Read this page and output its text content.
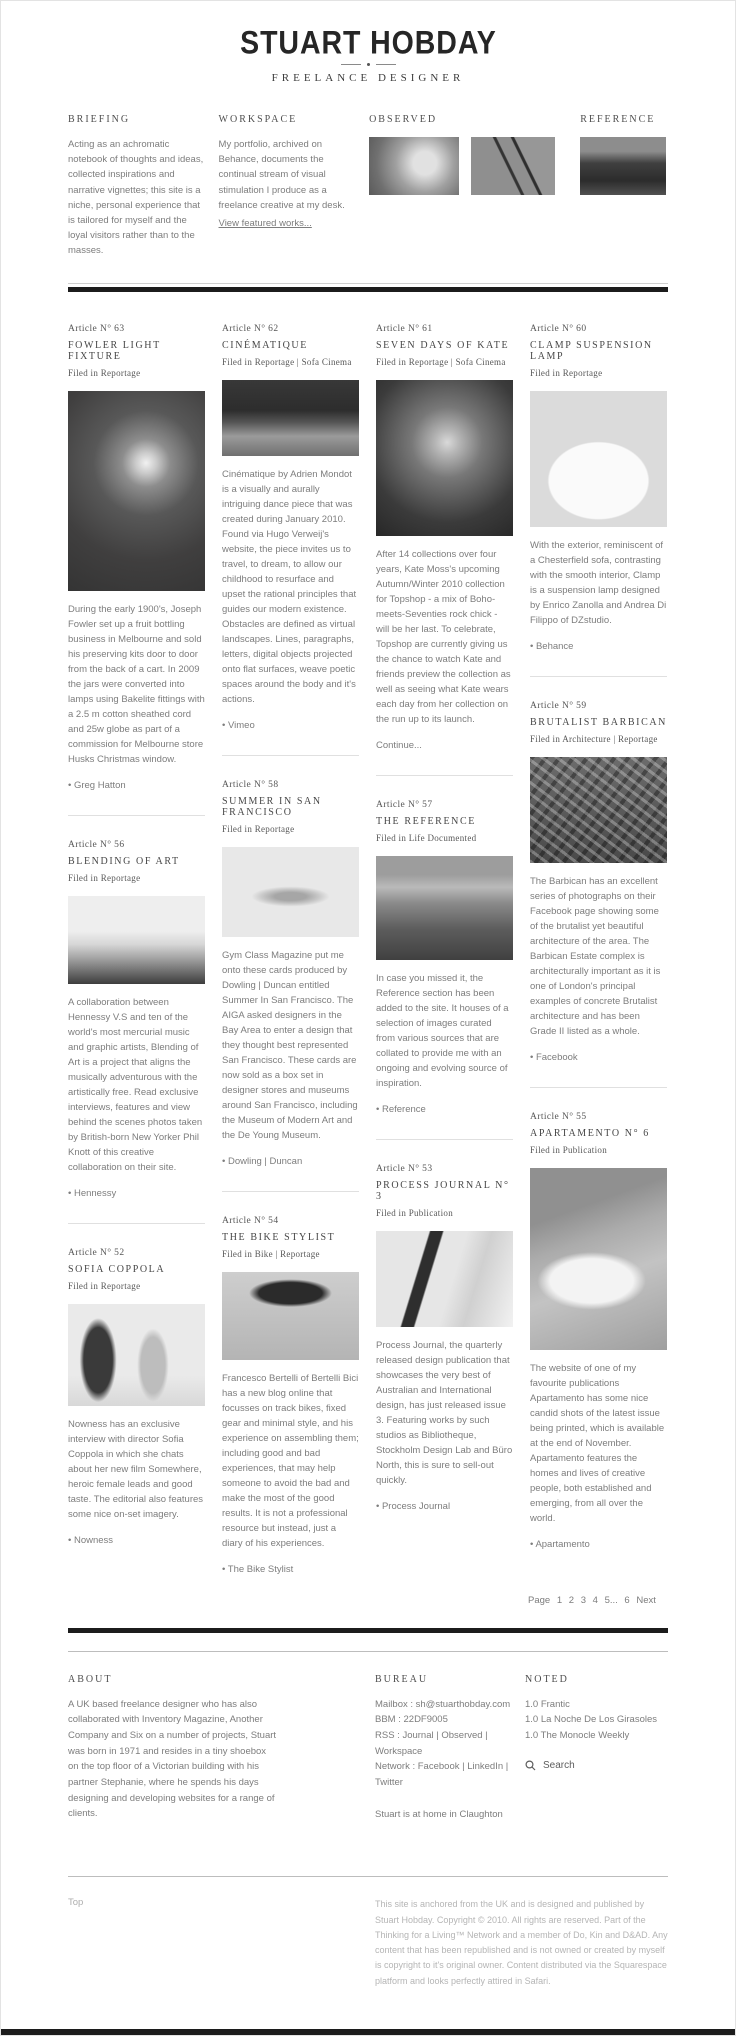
STUART HOBDAY
FREELANCE DESIGNER
BRIEFING

Acting as an achromatic notebook of thoughts and ideas, collected inspirations and narrative vignettes; this site is a niche, personal experience that is tailored for myself and the loyal visitors rather than to the masses.

WORKSPACE

My portfolio, archived on Behance, documents the continual stream of visual stimulation I produce as a freelance creative at my desk.

View featured works...
OBSERVED	REFERENCE
Article N° 63
FOWLER LIGHT FIXTURE
Filed in Reportage

During the early 1900's, Joseph Fowler set up a fruit bottling business in Melbourne and sold his preserving kits door to door from the back of a cart. In 2009 the jars were converted into lamps using Bakelite fittings with a 2.5 m cotton sheathed cord and 25w globe as part of a commission for Melbourne store Husks Christmas window.

• Greg Hatton
Article N° 56
BLENDING OF ART
Filed in Reportage

A collaboration between Hennessy V.S and ten of the world's most mercurial music and graphic artists, Blending of Art is a project that aligns the musically adventurous with the artistically free. Read exclusive interviews, features and view behind the scenes photos taken by British-born New Yorker Phil Knott of this creative collaboration on their site.

• Hennessy
Article N° 52
SOFIA COPPOLA
Filed in Reportage

Nowness has an exclusive interview with director Sofia Coppola in which she chats about her new film Somewhere, heroic female leads and good taste. The editorial also features some nice on-set imagery.

• Nowness
Article N° 62
CINÉMATIQUE
Filed in Reportage | Sofa Cinema

Cinématique by Adrien Mondot is a visually and aurally intriguing dance piece that was created during January 2010. Found via Hugo Verweij's website, the piece invites us to travel, to dream, to allow our childhood to resurface and upset the rational principles that guides our modern existence. Obstacles are defined as virtual landscapes. Lines, paragraphs, letters, digital objects projected onto flat surfaces, weave poetic spaces around the body and it's actions.

• Vimeo
Article N° 58
SUMMER IN SAN FRANCISCO
Filed in Reportage

Gym Class Magazine put me onto these cards produced by Dowling | Duncan entitled Summer In San Francisco. The AIGA asked designers in the Bay Area to enter a design that they thought best represented San Francisco. These cards are now sold as a box set in designer stores and museums around San Francisco, including the Museum of Modern Art and the De Young Museum.

• Dowling | Duncan
Article N° 54
THE BIKE STYLIST
Filed in Bike | Reportage

Francesco Bertelli of Bertelli Bici has a new blog online that focusses on track bikes, fixed gear and minimal style, and his experience on assembling them; including good and bad experiences, that may help someone to avoid the bad and make the most of the good results. It is not a professional resource but instead, just a diary of his experiences.

• The Bike Stylist
Article N° 61
SEVEN DAYS OF KATE
Filed in Reportage | Sofa Cinema

After 14 collections over four years, Kate Moss's upcoming Autumn/Winter 2010 collection for Topshop - a mix of Boho-meets-Seventies rock chick - will be her last. To celebrate, Topshop are currently giving us the chance to watch Kate and friends preview the collection as well as seeing what Kate wears each day from her collection on the run up to its launch.

Continue...
Article N° 57
THE REFERENCE
Filed in Life Documented

In case you missed it, the Reference section has been added to the site. It houses of a selection of images curated from various sources that are collated to provide me with an ongoing and evolving source of inspiration.

• Reference
Article N° 53
PROCESS JOURNAL N° 3
Filed in Publication

Process Journal, the quarterly released design publication that showcases the very best of Australian and International design, has just released issue 3. Featuring works by such studios as Bibliotheque, Stockholm Design Lab and Büro North, this is sure to sell-out quickly.

• Process Journal
Article N° 60
CLAMP SUSPENSION LAMP
Filed in Reportage

With the exterior, reminiscent of a Chesterfield sofa, contrasting with the smooth interior, Clamp is a suspension lamp designed by Enrico Zanolla and Andrea Di Filippo of DZstudio.

• Behance
Article N° 59
BRUTALIST BARBICAN
Filed in Architecture | Reportage

The Barbican has an excellent series of photographs on their Facebook page showing some of the brutalist yet beautiful architecture of the area. The Barbican Estate complex is architecturally important as it is one of London's principal examples of concrete Brutalist architecture and has been Grade II listed as a whole.

• Facebook
Article N° 55
APARTAMENTO N° 6
Filed in Publication

The website of one of my favourite publications Apartamento has some nice candid shots of the latest issue being printed, which is available at the end of November. Apartamento features the homes and lives of creative people, both established and emerging, from all over the world.

• Apartamento
Page 1 2 3 4 5... 6 Next
ABOUT

A UK based freelance designer who has also collaborated with Inventory Magazine, Another Company and Six on a number of projects, Stuart was born in 1971 and resides in a tiny shoebox on the top floor of a Victorian building with his partner Stephanie, where he spends his days designing and developing websites for a range of clients.

BUREAU
Mailbox : sh@stuarthobday.com
BBM : 22DF9005
RSS : Journal | Observed | Workspace
Network : Facebook | LinkedIn | Twitter
Stuart is at home in Claughton
NOTED
1.0 Frantic
1.0 La Noche De Los Girasoles
1.0 The Monocle Weekly
Search
Top	This site is anchored from the UK and is designed and published by Stuart Hobday. Copyright © 2010. All rights are reserved. Part of the Thinking for a Living™ Network and a member of Do, Kin and D&AD. Any content that has been republished and is not owned or created by myself is copyright to it's original owner. Content distributed via the Squarespace platform and looks perfectly attired in Safari.
